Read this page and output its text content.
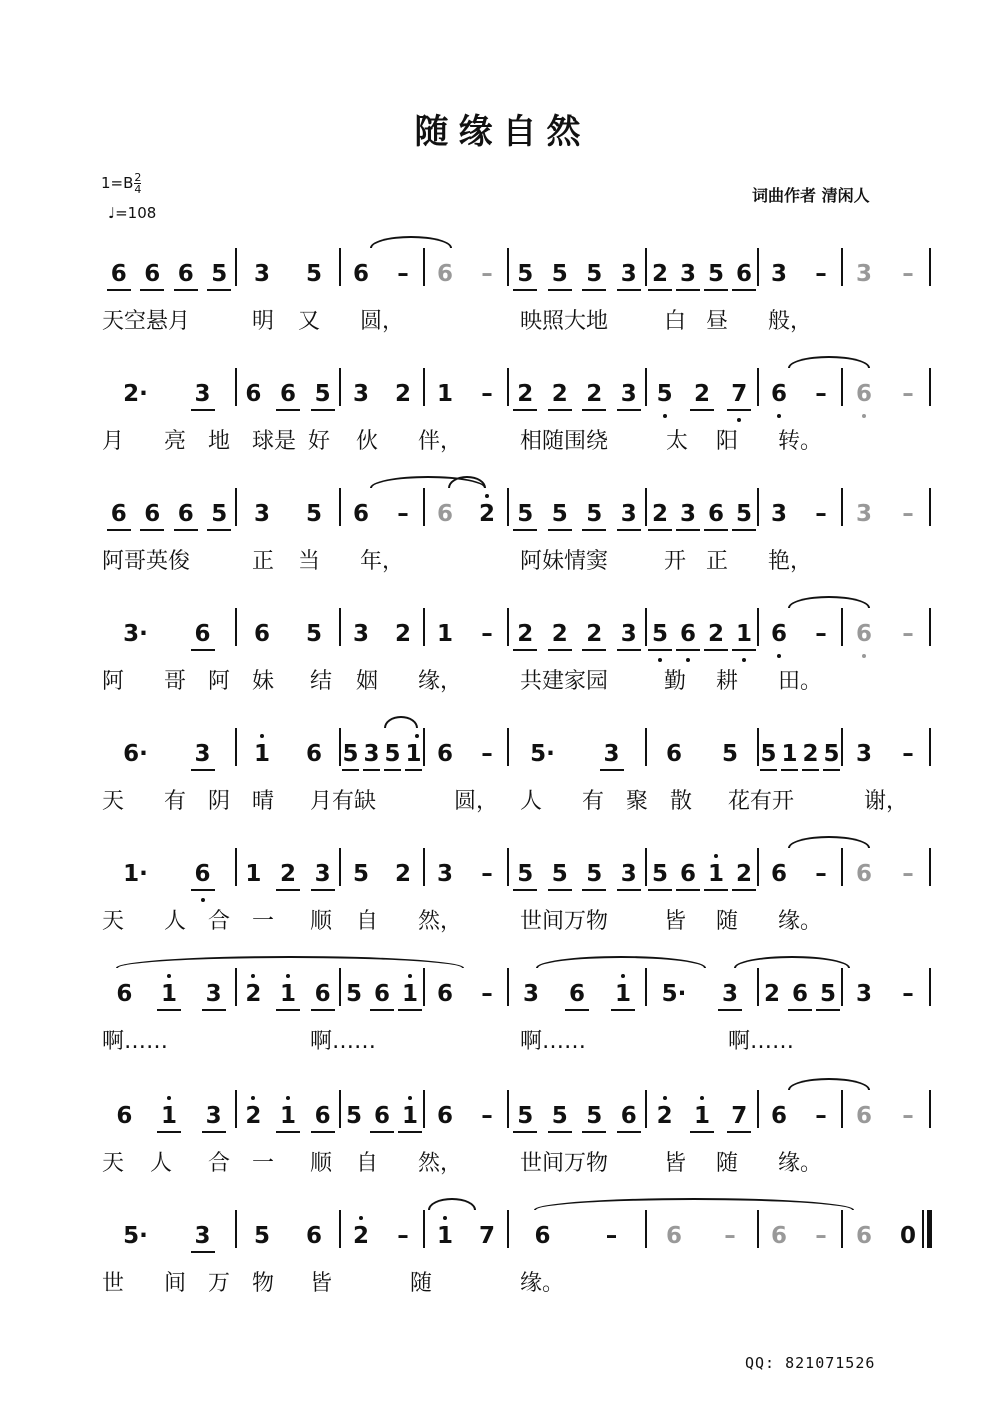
随缘自然
$1=B \frac{2}{4}$
♩=108
词曲作者 清闲人
6 6 6 5 3 5 6	–	6	–	5 5 5 3 2 3 5 6 3	–	3	–
天空悬月	明 又 圆，	映照大地	白 昼 般，
2· 3 6 6 5 3 2 1	–	2 2 2 3 5 2 7 6	–	6	–
月 亮 地 球是 好 伙 伴，	相随围绕	太 阳 转。
6 6 6 5 3 5 6	–	6 2 5 5 5 3 2 3 6 5 3	–	3	–
阿哥英俊	正 当 年，	阿妹情窦	开 正 艳，
3· 6 6 5 3 2 1	–	2 2 2 3 5 6 2 1 6	–	6	–
阿 哥 阿 妹 结 姻 缘，	共建家园	勤 耕 田。
6· 3 1 6 5 3 5 1 6	–	5· 3 6 5 5 1 2 5 3	–
天 有 阴 晴 月有缺	圆， 人 有 聚 散 花有开	谢，
1· 6 1 2 3 5 2 3	–	5 5 5 3 5 6 1 2 6	–	6	–
天 人 合 一 顺 自 然，	世间万物	皆 随 缘。
6 1 3 2 1 6 5 6 1 6	–	3 6 1 5· 3 2 6 5 3	–
啊……	啊……	啊……	啊……
6 1 3 2 1 6 5 6 1 6	–	5 5 5 6 2 1 7 6	–	6	–
天 人 合 一 顺 自 然，	世间万物	皆 随 缘。
5· 3 5 6 2	–	1 7 6	–	6	–	6	–	6 0
世 间 万 物 皆	随	缘。
QQ: 821071526
